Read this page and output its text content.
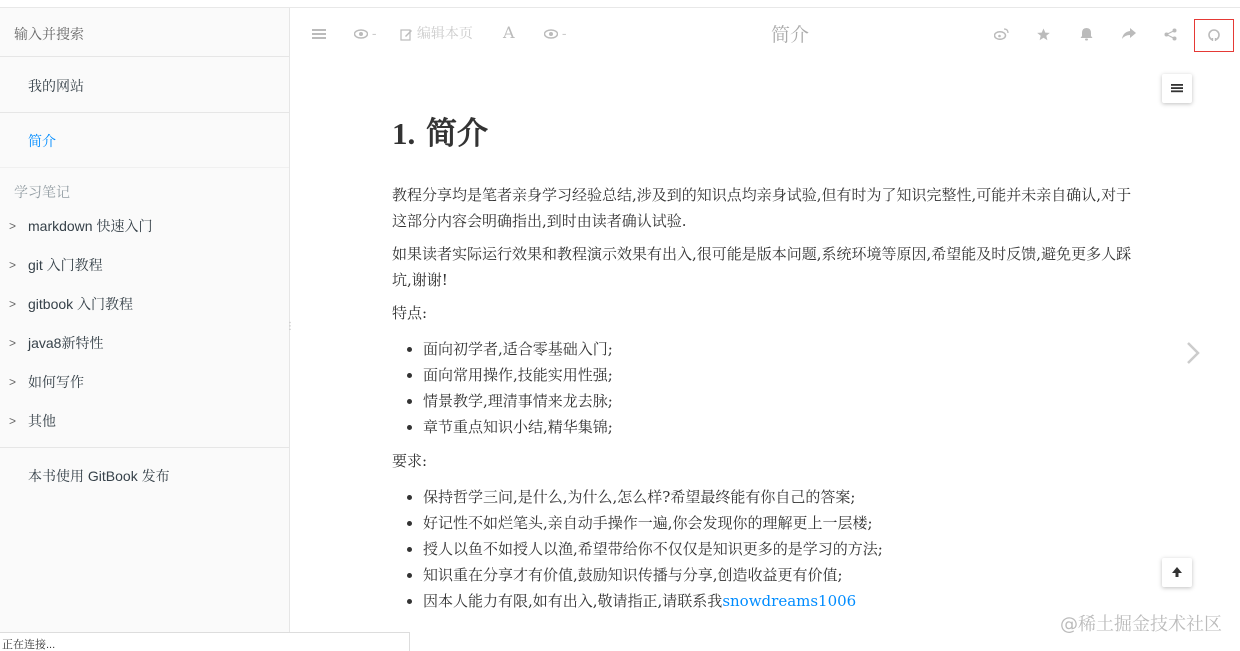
输入并搜索
我的网站
简介
学习笔记
> markdown 快速入门
> git 入门教程
> gitbook 入门教程
> java8新特性
> 如何写作
> 其他
本书使用 GitBook 发布
⋮
-	编辑本页 A	-	简介
1. 简介

教程分享均是笔者亲身学习经验总结,涉及到的知识点均亲身试验,但有时为了知识完整性,可能并未亲自确认,对于这部分内容会明确指出,到时由读者确认试验.

如果读者实际运行效果和教程演示效果有出入,很可能是版本问题,系统环境等原因,希望能及时反馈,避免更多人踩坑,谢谢!

特点:

• 面向初学者,适合零基础入门;
• 面向常用操作,技能实用性强;
• 情景教学,理清事情来龙去脉;
• 章节重点知识小结,精华集锦;

要求:

• 保持哲学三问,是什么,为什么,怎么样?希望最终能有你自己的答案;
• 好记性不如烂笔头,亲自动手操作一遍,你会发现你的理解更上一层楼;
• 授人以鱼不如授人以渔,希望带给你不仅仅是知识更多的是学习的方法;
• 知识重在分享才有价值,鼓励知识传播与分享,创造收益更有价值;
• 因本人能力有限,如有出入,敬请指正,请联系我snowdreams1006
正在连接...
@稀土掘金技术社区
